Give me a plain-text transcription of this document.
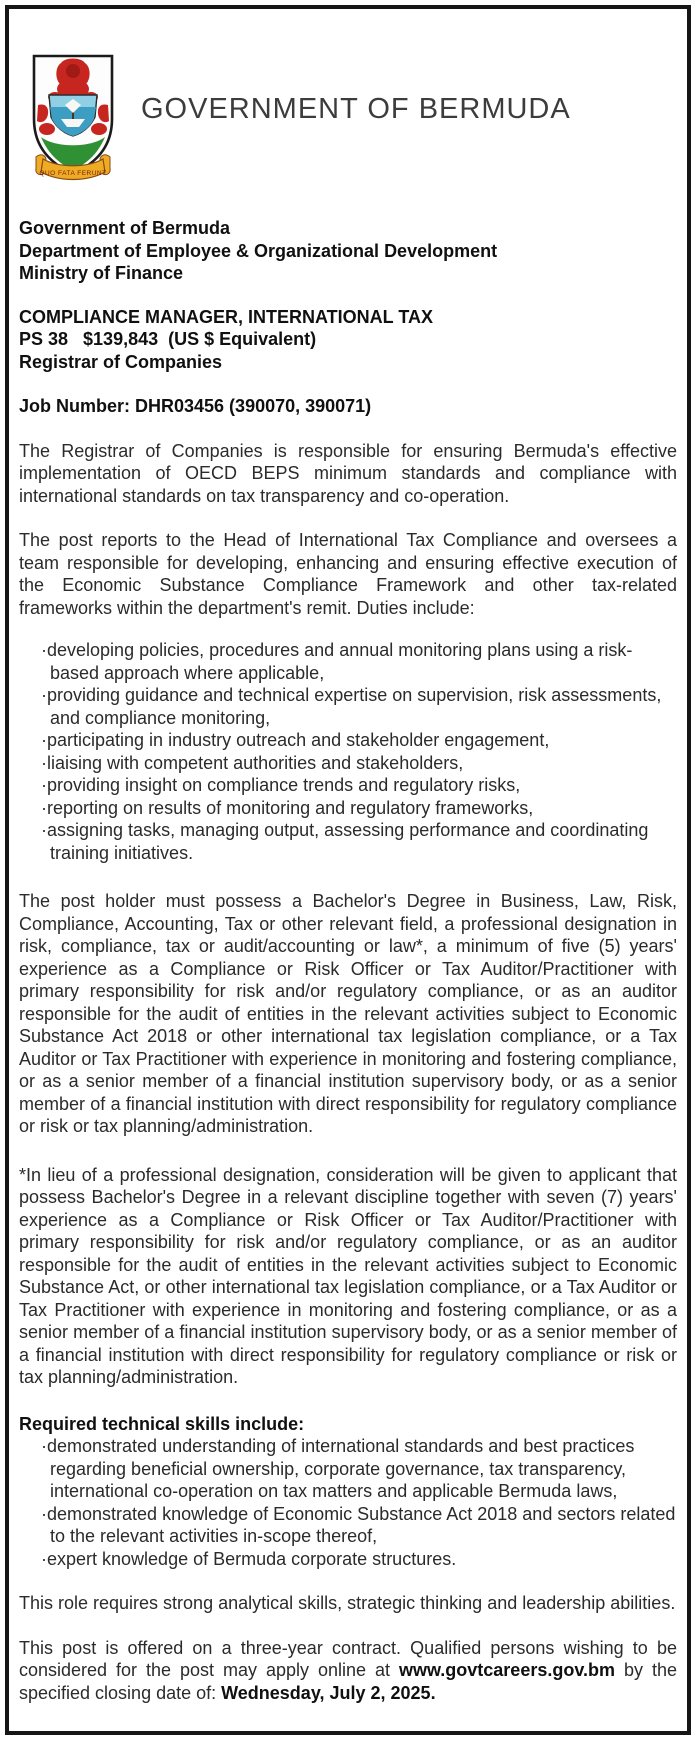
QUO FATA FERUNT
GOVERNMENT OF BERMUDA
Government of Bermuda
Department of Employee & Organizational Development
Ministry of Finance
COMPLIANCE MANAGER, INTERNATIONAL TAX
PS 38   $139,843  (US $ Equivalent)
Registrar of Companies
Job Number: DHR03456 (390070, 390071)

The Registrar of Companies is responsible for ensuring Bermuda's effective implementation of OECD BEPS minimum standards and compliance with international standards on tax transparency and co-operation.

The post reports to the Head of International Tax Compliance and oversees a team responsible for developing, enhancing and ensuring effective execution of the Economic Substance Compliance Framework and other tax-related frameworks within the department's remit. Duties include:

· developing policies, procedures and annual monitoring plans using a risk-based approach where applicable,
· providing guidance and technical expertise on supervision, risk assessments, and compliance monitoring,
· participating in industry outreach and stakeholder engagement,
· liaising with competent authorities and stakeholders,
· providing insight on compliance trends and regulatory risks,
· reporting on results of monitoring and regulatory frameworks,
· assigning tasks, managing output, assessing performance and coordinating training initiatives.

The post holder must possess a Bachelor's Degree in Business, Law, Risk, Compliance, Accounting, Tax or other relevant field, a professional designation in risk, compliance, tax or audit/accounting or law*, a minimum of five (5) years' experience as a Compliance or Risk Officer or Tax Auditor/Practitioner with primary responsibility for risk and/or regulatory compliance, or as an auditor responsible for the audit of entities in the relevant activities subject to Economic Substance Act 2018 or other international tax legislation compliance, or a Tax Auditor or Tax Practitioner with experience in monitoring and fostering compliance, or as a senior member of a financial institution supervisory body, or as a senior member of a financial institution with direct responsibility for regulatory compliance or risk or tax planning/administration.

*In lieu of a professional designation, consideration will be given to applicant that possess Bachelor's Degree in a relevant discipline together with seven (7) years' experience as a Compliance or Risk Officer or Tax Auditor/Practitioner with primary responsibility for risk and/or regulatory compliance, or as an auditor responsible for the audit of entities in the relevant activities subject to Economic Substance Act, or other international tax legislation compliance, or a Tax Auditor or Tax Practitioner with experience in monitoring and fostering compliance, or as a senior member of a financial institution supervisory body, or as a senior member of a financial institution with direct responsibility for regulatory compliance or risk or tax planning/administration.

Required technical skills include:
· demonstrated understanding of international standards and best practices regarding beneficial ownership, corporate governance, tax transparency, international co-operation on tax matters and applicable Bermuda laws,
· demonstrated knowledge of Economic Substance Act 2018 and sectors related to the relevant activities in-scope thereof,
· expert knowledge of Bermuda corporate structures.

This role requires strong analytical skills, strategic thinking and leadership abilities.

This post is offered on a three-year contract. Qualified persons wishing to be considered for the post may apply online at www.govtcareers.gov.bm by the specified closing date of: Wednesday, July 2, 2025.
